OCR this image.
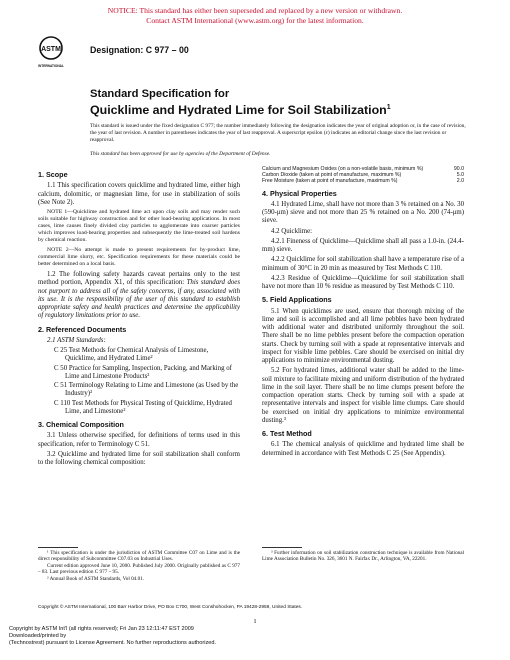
NOTICE: This standard has either been superseded and replaced by a new version or withdrawn.
Contact ASTM International (www.astm.org) for the latest information.
ASTM
INTERNATIONAL
Designation: C 977 – 00
Standard Specification for
Quicklime and Hydrated Lime for Soil Stabilization$^1$
This standard is issued under the fixed designation C 977; the number immediately following the designation indicates the year of original adoption or, in the case of revision, the year of last revision. A number in parentheses indicates the year of last reapproval. A superscript epsilon (ε) indicates an editorial change since the last revision or reapproval.
This standard has been approved for use by agencies of the Department of Defense.
1. Scope

1.1 This specification covers quicklime and hydrated lime, either high calcium, dolomitic, or magnesian lime, for use in stabilization of soils (See Note 2).

NOTE 1—Quicklime and hydrated lime act upon clay soils and may render such soils suitable for highway construction and for other load-bearing applications. In most cases, lime causes finely divided clay particles to agglomerate into coarser particles which improves load-bearing properties and subsequently the lime-treated soil hardens by chemical reaction.
NOTE 2—No attempt is made to present requirements for by-product lime, commercial lime slurry, etc. Specification requirements for these materials could be better determined on a local basis.

1.2 The following safety hazards caveat pertains only to the test method portion, Appendix X1, of this specification: This standard does not purport to address all of the safety concerns, if any, associated with its use. It is the responsibility of the user of this standard to establish appropriate safety and health practices and determine the applicability of regulatory limitations prior to use.

2. Referenced Documents

2.1 ASTM Standards:

C 25 Test Methods for Chemical Analysis of Limestone, Quicklime, and Hydrated Lime²

C 50 Practice for Sampling, Inspection, Packing, and Marking of Lime and Limestone Products²

C 51 Terminology Relating to Lime and Limestone (as Used by the Industry)²

C 110 Test Methods for Physical Testing of Quicklime, Hydrated Lime, and Limestone²

3. Chemical Composition

3.1 Unless otherwise specified, for definitions of terms used in this specification, refer to Terminology C 51.

3.2 Quicklime and hydrated lime for soil stabilization shall conform to the following chemical composition:

¹ This specification is under the jurisdiction of ASTM Committee C07 on Lime and is the direct responsibility of Subcommittee C07.03 on Industrial Uses.
Current edition approved June 10, 2000. Published July 2000. Originally published as C 977 – 83. Last previous edition C 977 – 95.
² Annual Book of ASTM Standards, Vol 04.01.
Calcium and Magnesium Oxides (on a non-volatile basis, minimum %)	90.0
Carbon Dioxide (taken at point of manufacture, maximum %)	5.0
Free Moisture (taken at point of manufacture, maximum %)	2.0
4. Physical Properties

4.1 Hydrated Lime, shall have not more than 3 % retained on a No. 30 (590-μm) sieve and not more than 25 % retained on a No. 200 (74-μm) sieve.

4.2 Quicklime:

4.2.1 Fineness of Quicklime—Quicklime shall all pass a 1.0-in. (24.4-mm) sieve.

4.2.2 Quicklime for soil stabilization shall have a temperature rise of a minimum of 30°C in 20 min as measured by Test Methods C 110.

4.2.3 Residue of Quicklime—Quicklime for soil stabilization shall have not more than 10 % residue as measured by Test Methods C 110.

5. Field Applications

5.1 When quicklimes are used, ensure that thorough mixing of the lime and soil is accomplished and all lime pebbles have been hydrated with additional water and distributed uniformly throughout the soil. There shall be no lime pebbles present before the compaction operation starts. Check by turning soil with a spade at representative intervals and inspect for visible lime pebbles. Care should be exercised on initial dry applications to minimize environmental dusting.

5.2 For hydrated limes, additional water shall be added to the lime-soil mixture to facilitate mixing and uniform distribution of the hydrated lime in the soil layer. There shall be no lime clumps present before the compaction operation starts. Check by turning soil with a spade at representative intervals and inspect for visible lime clumps. Care should be exercised on initial dry applications to minimize environmental dusting.³

6. Test Method

6.1 The chemical analysis of quicklime and hydrated lime shall be determined in accordance with Test Methods C 25 (See Appendix).

³ Further information on soil stabilization construction technique is available from National Lime Association Bulletin No. 326, 3601 N. Fairfax Dr., Arlington, VA, 22201.
Copyright © ASTM International, 100 Barr Harbor Drive, PO Box C700, West Conshohocken, PA 19428-2959, United States.
1
Copyright by ASTM Int'l (all rights reserved); Fri Jan 23 12:11:47 EST 2009
Downloaded/printed by
(Technostrest) pursuant to License Agreement. No further reproductions authorized.
